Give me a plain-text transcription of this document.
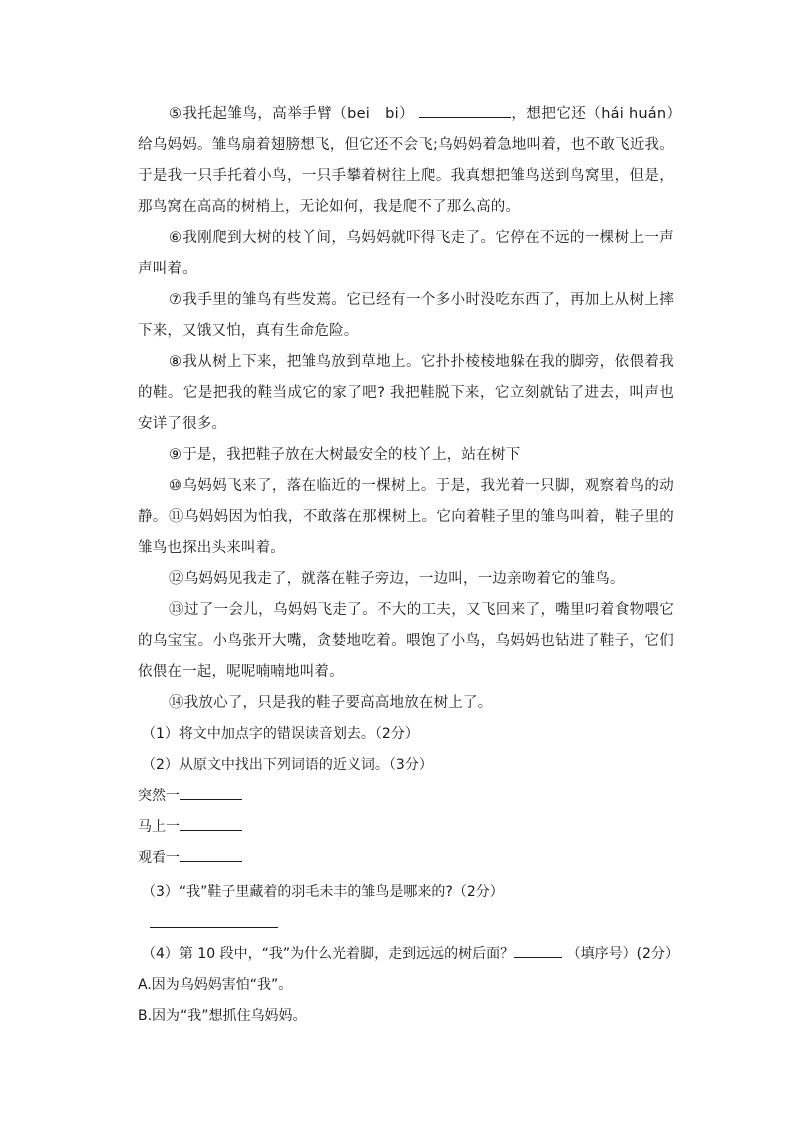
⑤我托起雏鸟，高举手臂（bei　bi）	，想把它还（hái huán）给乌妈妈。雏鸟扇着翅膀想飞，但它还不会飞;乌妈妈着急地叫着，也不敢飞近我。于是我一只手托着小鸟，一只手攀着树往上爬。我真想把雏鸟送到鸟窝里，但是，那鸟窝在高高的树梢上，无论如何，我是爬不了那么高的。

⑥我刚爬到大树的枝丫间，乌妈妈就吓得飞走了。它停在不远的一棵树上一声声叫着。

⑦我手里的雏鸟有些发蔫。它已经有一个多小时没吃东西了，再加上从树上摔下来，又饿又怕，真有生命危险。

⑧我从树上下来，把雏鸟放到草地上。它扑扑棱棱地躲在我的脚旁，依偎着我的鞋。它是把我的鞋当成它的家了吧? 我把鞋脱下来，它立刻就钻了进去，叫声也安详了很多。

⑨于是，我把鞋子放在大树最安全的枝丫上，站在树下

⑩乌妈妈飞来了，落在临近的一棵树上。于是，我光着一只脚，观察着鸟的动静。 ⑪乌妈妈因为怕我，不敢落在那棵树上。它向着鞋子里的雏鸟叫着，鞋子里的雏鸟也探出头来叫着。

⑫乌妈妈见我走了，就落在鞋子旁边，一边叫，一边亲吻着它的雏鸟。

⑬过了一会儿，乌妈妈飞走了。不大的工夫，又飞回来了，嘴里叼着食物喂它的乌宝宝。小鸟张开大嘴，贪婪地吃着。喂饱了小鸟，乌妈妈也钻进了鞋子，它们依偎在一起，呢呢喃喃地叫着。

⑭我放心了，只是我的鞋子要高高地放在树上了。

（1）将文中加点字的错误读音划去。（2分）

（2）从原文中找出下列词语的近义词。（3分）

突然一

马上一

观看一

（3）“我”鞋子里藏着的羽毛未丰的雏鸟是哪来的?（2分）

（4）第 10 段中，“我”为什么光着脚，走到远远的树后面？	（填序号）(2分）

A.因为乌妈妈害怕“我”。

B.因为“我”想抓住乌妈妈。
